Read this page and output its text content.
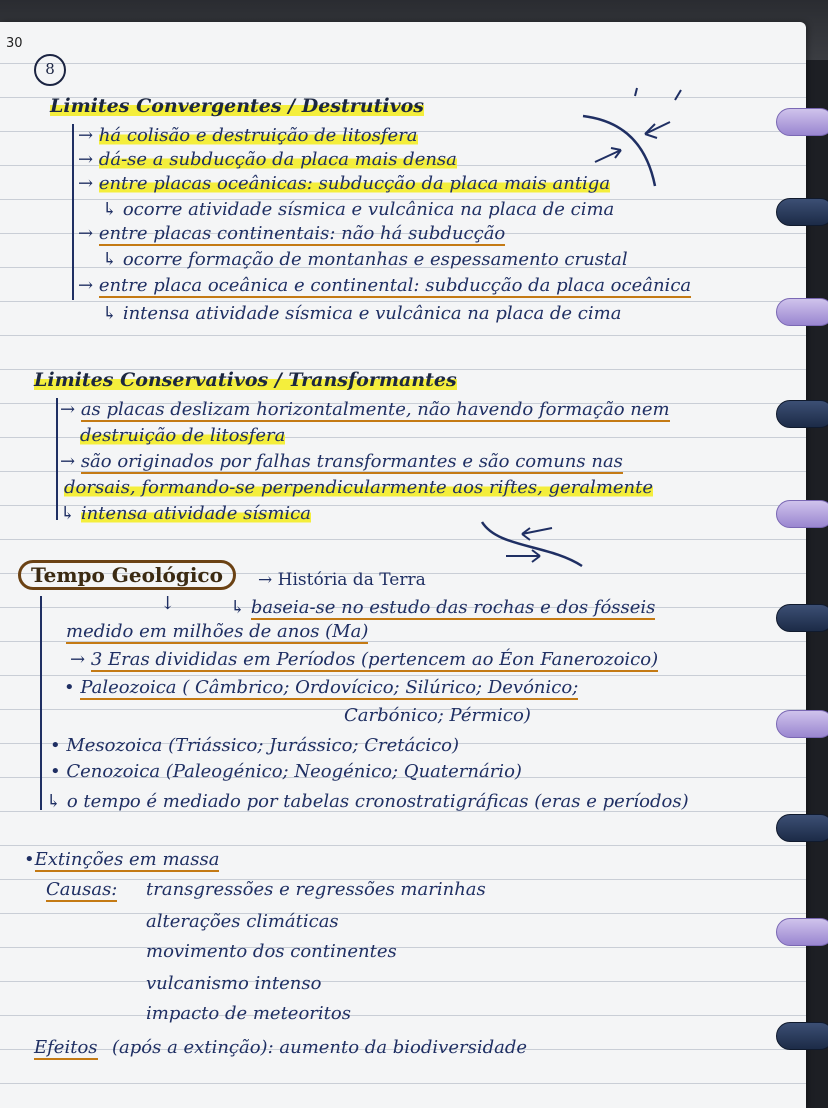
30
8
Limites Convergentes / Destrutivos
→ há colisão e destruição de litosfera
→ dá-se a subducção da placa mais densa
→ entre placas oceânicas: subducção da placa mais antiga
↳ ocorre atividade sísmica e vulcânica na placa de cima
→ entre placas continentais: não há subducção
↳ ocorre formação de montanhas e espessamento crustal
→ entre placa oceânica e continental: subducção da placa oceânica
↳ intensa atividade sísmica e vulcânica na placa de cima
Limites Conservativos / Transformantes
→ as placas deslizam horizontalmente, não havendo formação nem
destruição de litosfera
→ são originados por falhas transformantes e são comuns nas
dorsais, formando-se perpendicularmente aos riftes, geralmente
↳ intensa atividade sísmica
Tempo Geológico	→ História da Terra
↓	↳ baseia-se no estudo das rochas e dos fósseis
medido em milhões de anos (Ma)
→ 3 Eras divididas em Períodos (pertencem ao Éon Fanerozoico)
• Paleozoica ( Câmbrico; Ordovícico; Silúrico; Devónico;
Carbónico; Pérmico)
• Mesozoica (Triássico; Jurássico; Cretácico)
• Cenozoica (Paleogénico; Neogénico; Quaternário)
↳ o tempo é mediado por tabelas cronostratigráficas (eras e períodos)
•Extinções em massa
Causas: transgressões e regressões marinhas
alterações climáticas
movimento dos continentes
vulcanismo intenso
impacto de meteoritos
Efeitos (após a extinção): aumento da biodiversidade
